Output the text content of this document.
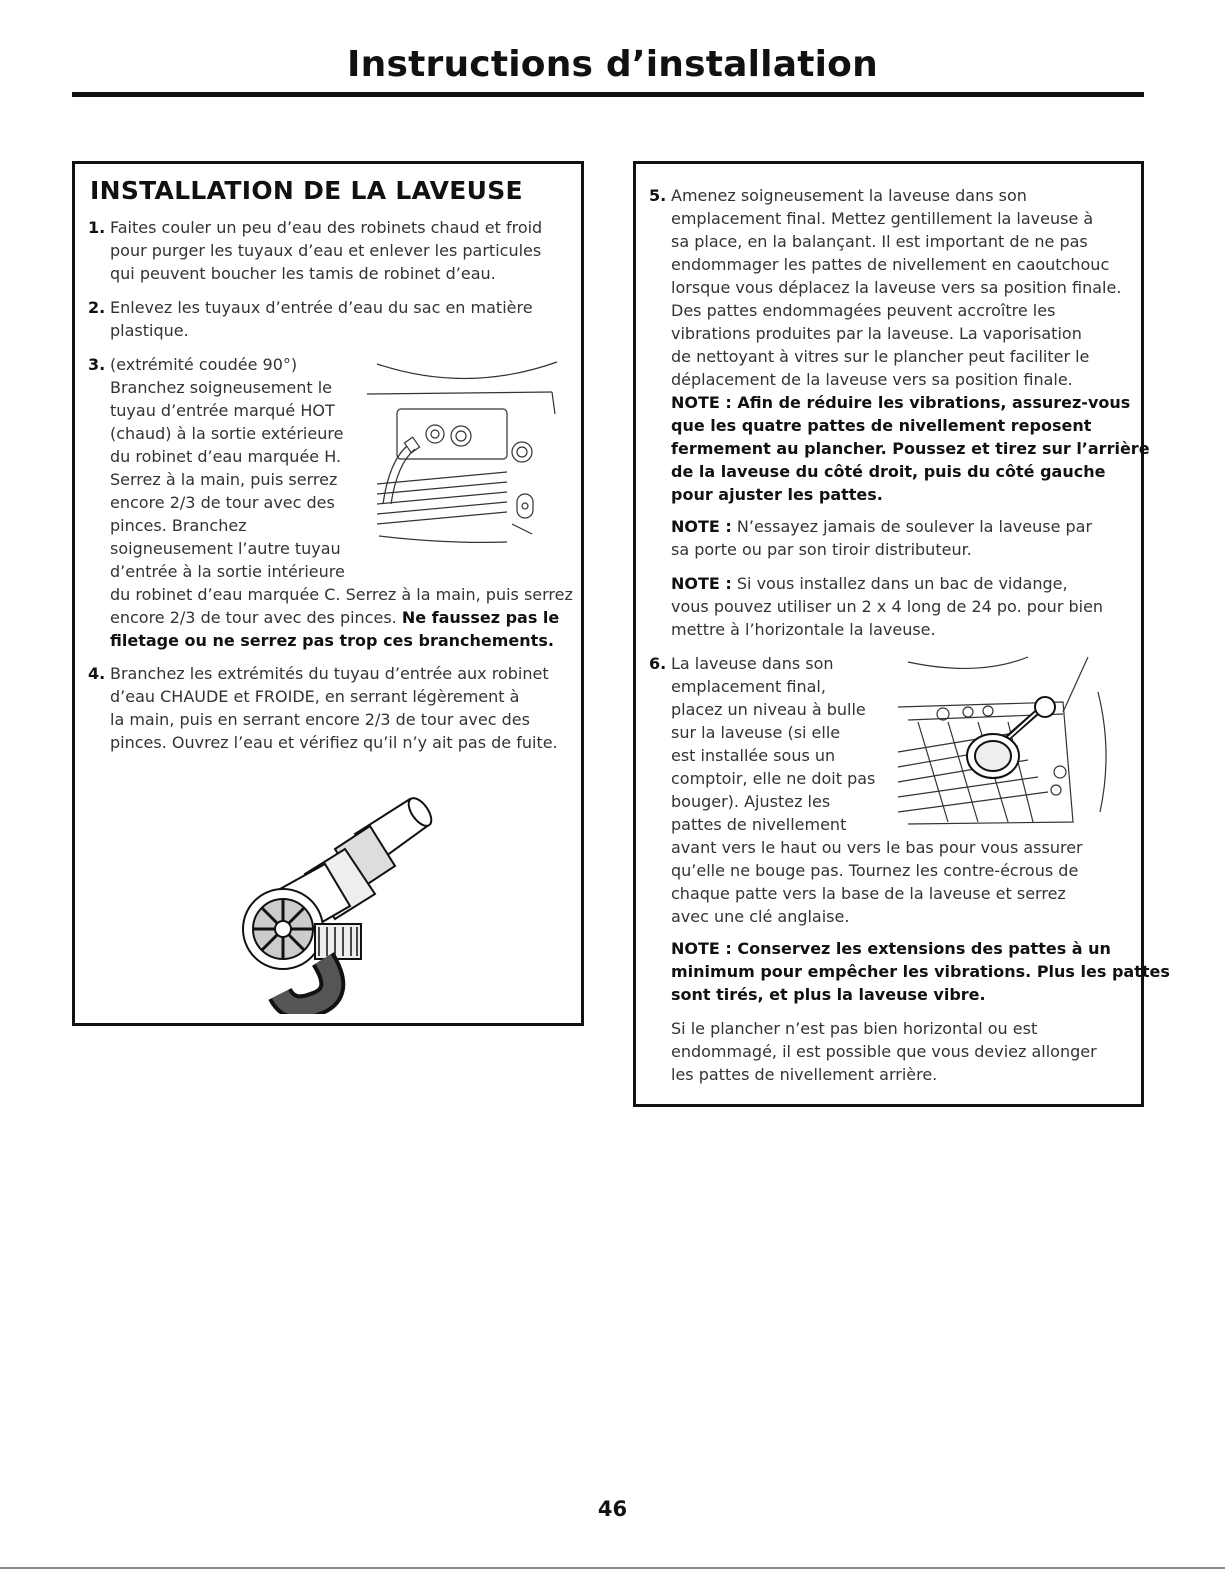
Instructions d’installation
INSTALLATION DE LA LAVEUSE
1. Faites couler un peu d’eau des robinets chaud et froid
pour purger les tuyaux d’eau et enlever les particules
qui peuvent boucher les tamis de robinet d’eau.
2. Enlevez les tuyaux d’entrée d’eau du sac en matière
plastique.
3. (extrémité coudée 90°)
Branchez soigneusement le
tuyau d’entrée marqué HOT
(chaud) à la sortie extérieure
du robinet d’eau marquée H.
Serrez à la main, puis serrez
encore 2/3 de tour avec des
pinces. Branchez
soigneusement l’autre tuyau
d’entrée à la sortie intérieure
du robinet d’eau marquée C. Serrez à la main, puis serrez
encore 2/3 de tour avec des pinces. Ne faussez pas le
filetage ou ne serrez pas trop ces branchements.
4. Branchez les extrémités du tuyau d’entrée aux robinet
d’eau CHAUDE et FROIDE, en serrant légèrement à
la main, puis en serrant encore 2/3 de tour avec des
pinces. Ouvrez l’eau et vérifiez qu’il n’y ait pas de fuite.
5. Amenez soigneusement la laveuse dans son
emplacement final. Mettez gentillement la laveuse à
sa place, en la balançant. Il est important de ne pas
endommager les pattes de nivellement en caoutchouc
lorsque vous déplacez la laveuse vers sa position finale.
Des pattes endommagées peuvent accroître les
vibrations produites par la laveuse. La vaporisation
de nettoyant à vitres sur le plancher peut faciliter le
déplacement de la laveuse vers sa position finale.
NOTE : Afin de réduire les vibrations, assurez-vous
que les quatre pattes de nivellement reposent
fermement au plancher. Poussez et tirez sur l’arrière
de la laveuse du côté droit, puis du côté gauche
pour ajuster les pattes.
NOTE : N’essayez jamais de soulever la laveuse par
sa porte ou par son tiroir distributeur.
NOTE : Si vous installez dans un bac de vidange,
vous pouvez utiliser un 2 x 4 long de 24 po. pour bien
mettre à l’horizontale la laveuse.
6. La laveuse dans son
emplacement final,
placez un niveau à bulle
sur la laveuse (si elle
est installée sous un
comptoir, elle ne doit pas
bouger). Ajustez les
pattes de nivellement
avant vers le haut ou vers le bas pour vous assurer
qu’elle ne bouge pas. Tournez les contre-écrous de
chaque patte vers la base de la laveuse et serrez
avec une clé anglaise.
NOTE : Conservez les extensions des pattes à un
minimum pour empêcher les vibrations. Plus les pattes
sont tirés, et plus la laveuse vibre.
Si le plancher n’est pas bien horizontal ou est
endommagé, il est possible que vous deviez allonger
les pattes de nivellement arrière.
46
